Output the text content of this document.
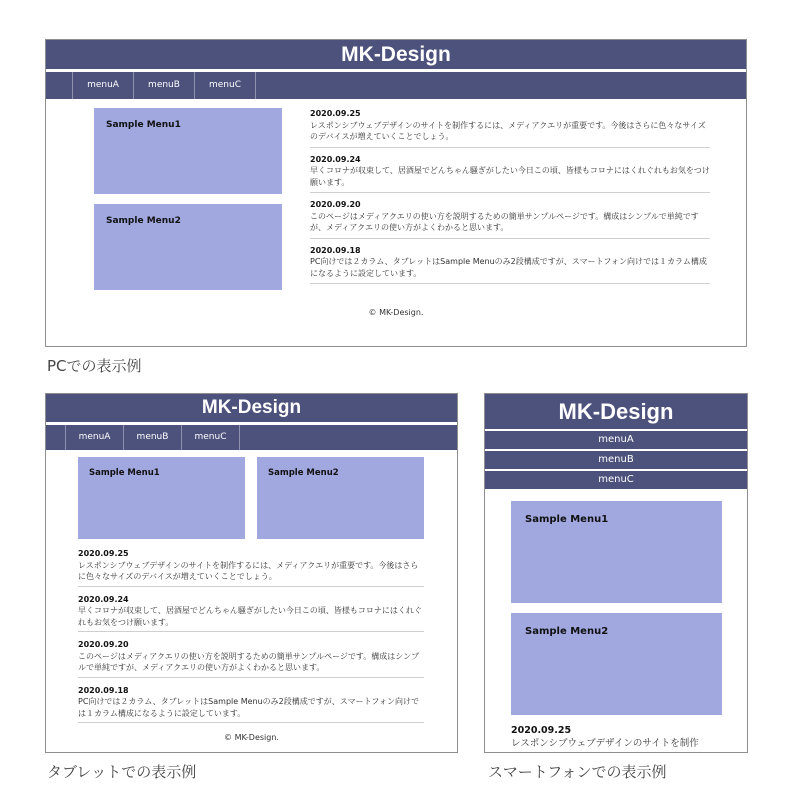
MK-Design
menuA	menuB	menuC
Sample Menu1
Sample Menu2
2020.09.25
レスポンシブウェブデザインのサイトを制作するには、メディアクエリが重要です。今後はさらに色々なサイズのデバイスが増えていくことでしょう。
2020.09.24
早くコロナが収束して、居酒屋でどんちゃん騒ぎがしたい今日この頃、皆様もコロナにはくれぐれもお気をつけ願います。
2020.09.20
このページはメディアクエリの使い方を説明するための簡単サンプルページです。構成はシンプルで単純ですが、メディアクエリの使い方がよくわかると思います。
2020.09.18
PC向けでは２カラム、タブレットはSample Menuのみ2段構成ですが、スマートフォン向けでは１カラム構成になるように設定しています。
© MK-Design.
PCでの表示例
MK-Design
menuA	menuB	menuC
Sample Menu1	Sample Menu2
2020.09.25
レスポンシブウェブデザインのサイトを制作するには、メディアクエリが重要です。今後はさらに色々なサイズのデバイスが増えていくことでしょう。
2020.09.24
早くコロナが収束して、居酒屋でどんちゃん騒ぎがしたい今日この頃、皆様もコロナにはくれぐれもお気をつけ願います。
2020.09.20
このページはメディアクエリの使い方を説明するための簡単サンプルページです。構成はシンプルで単純ですが、メディアクエリの使い方がよくわかると思います。
2020.09.18
PC向けでは２カラム、タブレットはSample Menuのみ2段構成ですが、スマートフォン向けでは１カラム構成になるように設定しています。
© MK-Design.
タブレットでの表示例
MK-Design
menuA
menuB
menuC
Sample Menu1
Sample Menu2
2020.09.25
レスポンシブウェブデザインのサイトを制作
スマートフォンでの表示例
